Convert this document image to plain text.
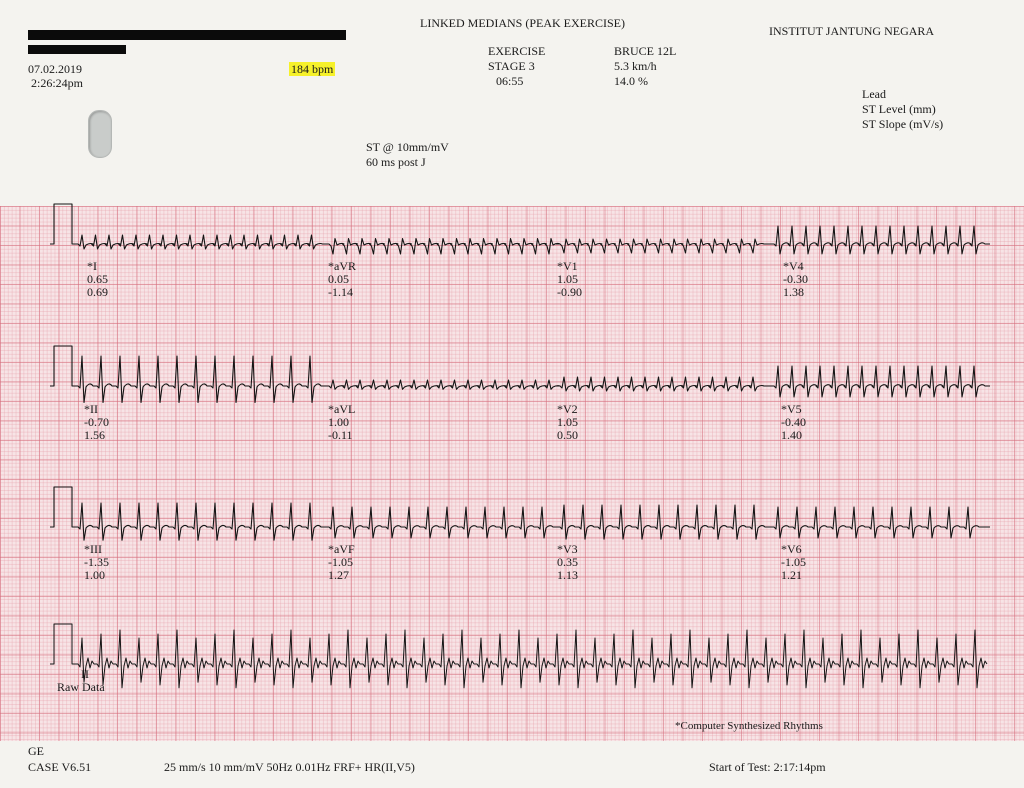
LINKED MEDIANS (PEAK EXERCISE)
INSTITUT JANTUNG NEGARA
07.02.2019
2:26:24pm
184 bpm
EXERCISE
STAGE 3
06:55
BRUCE 12L
5.3 km/h
14.0 %
Lead
ST Level (mm)
ST Slope (mV/s)
ST @ 10mm/mV
60 ms post J
*I
0.65
0.69
*aVR
0.05
-1.14
*V1
1.05
-0.90
*V4
-0.30
1.38
*II
-0.70
1.56
*aVL
1.00
-0.11
*V2
1.05
0.50
*V5
-0.40
1.40
*III
-1.35
1.00
*aVF
-1.05
1.27
*V3
0.35
1.13
*V6
-1.05
1.21
II
Raw Data
*Computer Synthesized Rhythms
GE
CASE V6.51	25 mm/s 10 mm/mV 50Hz 0.01Hz FRF+ HR(II,V5)	Start of Test: 2:17:14pm
